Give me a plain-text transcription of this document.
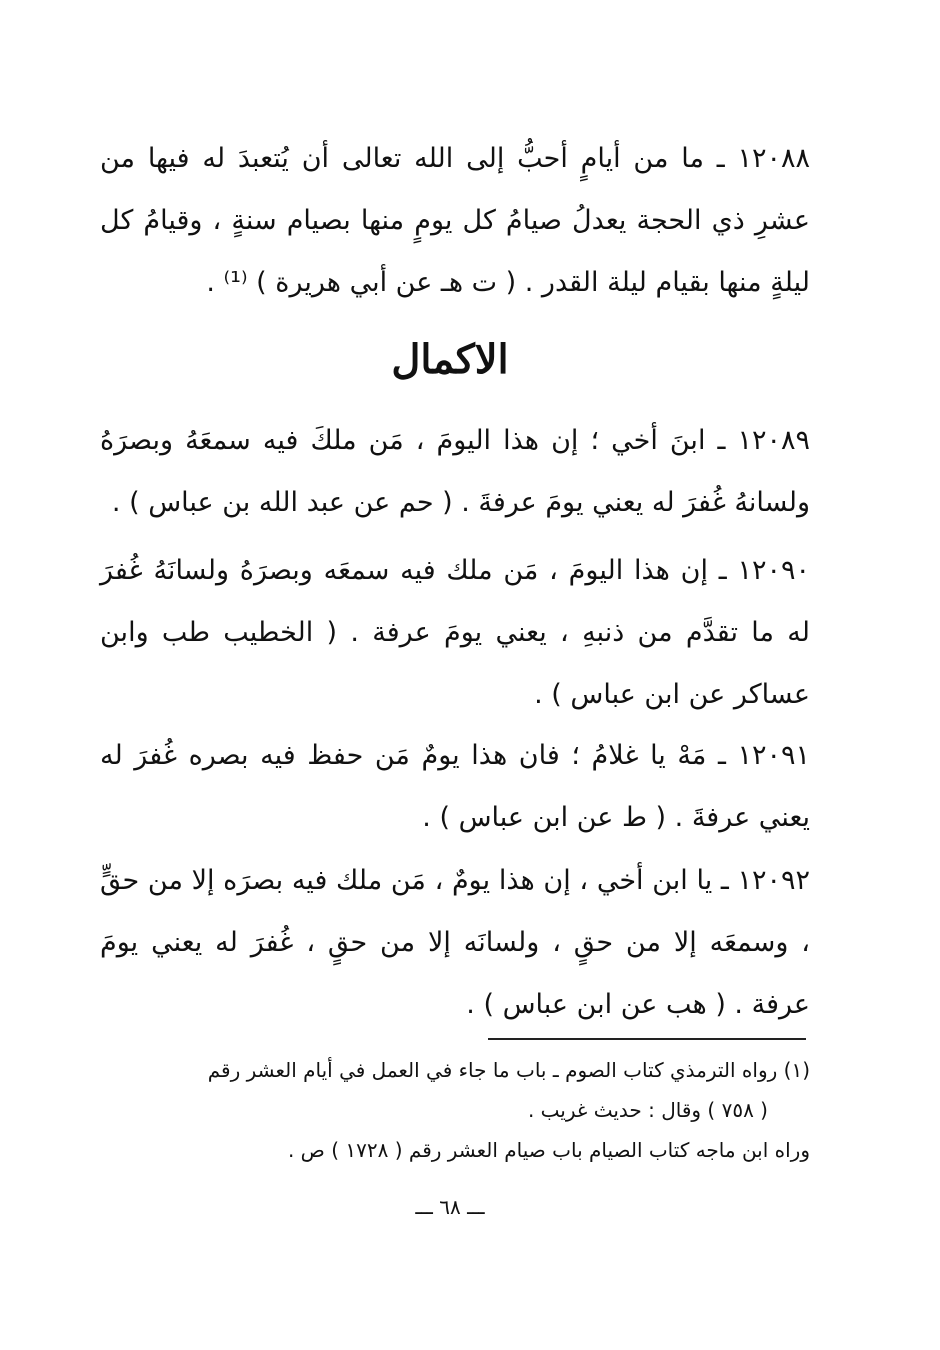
١٢٠٨٨ ـ ما من أيامٍ أحبُّ إلى الله تعالى أن يُتعبدَ له فيها من عشرِ ذي الحجة يعدلُ صيامُ كل يومٍ منها بصيام سنةٍ ، وقيامُ كل ليلةٍ منها بقيام ليلة القدر . ( ت هـ عن أبي هريرة ) ⁽¹⁾ .

الاكمال

١٢٠٨٩ ـ ابنَ أخي ؛ إن هذا اليومَ ، مَن ملكَ فيه سمعَهُ وبصرَهُ ولسانهُ غُفرَ له يعني يومَ عرفةَ . ( حم عن عبد الله بن عباس ) .

١٢٠٩٠ ـ إن هذا اليومَ ، مَن ملك فيه سمعَه وبصرَهُ ولسانَهُ غُفرَ له ما تقدَّم من ذنبهِ ، يعني يومَ عرفة . ( الخطيب طب وابن عساكر عن ابن عباس ) .

١٢٠٩١ ـ مَهْ يا غلامُ ؛ فان هذا يومٌ مَن حفظ فيه بصره غُفرَ له يعني عرفةَ . ( ط عن ابن عباس ) .

١٢٠٩٢ ـ يا ابن أخي ، إن هذا يومٌ ، مَن ملك فيه بصرَه إلا من حقٍّ ، وسمعَه إلا من حقٍ ، ولسانَه إلا من حقٍ ، غُفرَ له يعني يومَ عرفة . ( هب عن ابن عباس ) .

(١) رواه الترمذي كتاب الصوم ـ باب ما جاء في العمل في أيام العشر رقم
( ٧٥٨ ) وقال : حديث غريب .
وراه ابن ماجه كتاب الصيام باب صيام العشر رقم ( ١٧٢٨ ) ص .
ـــ ٦٨ ـــ
